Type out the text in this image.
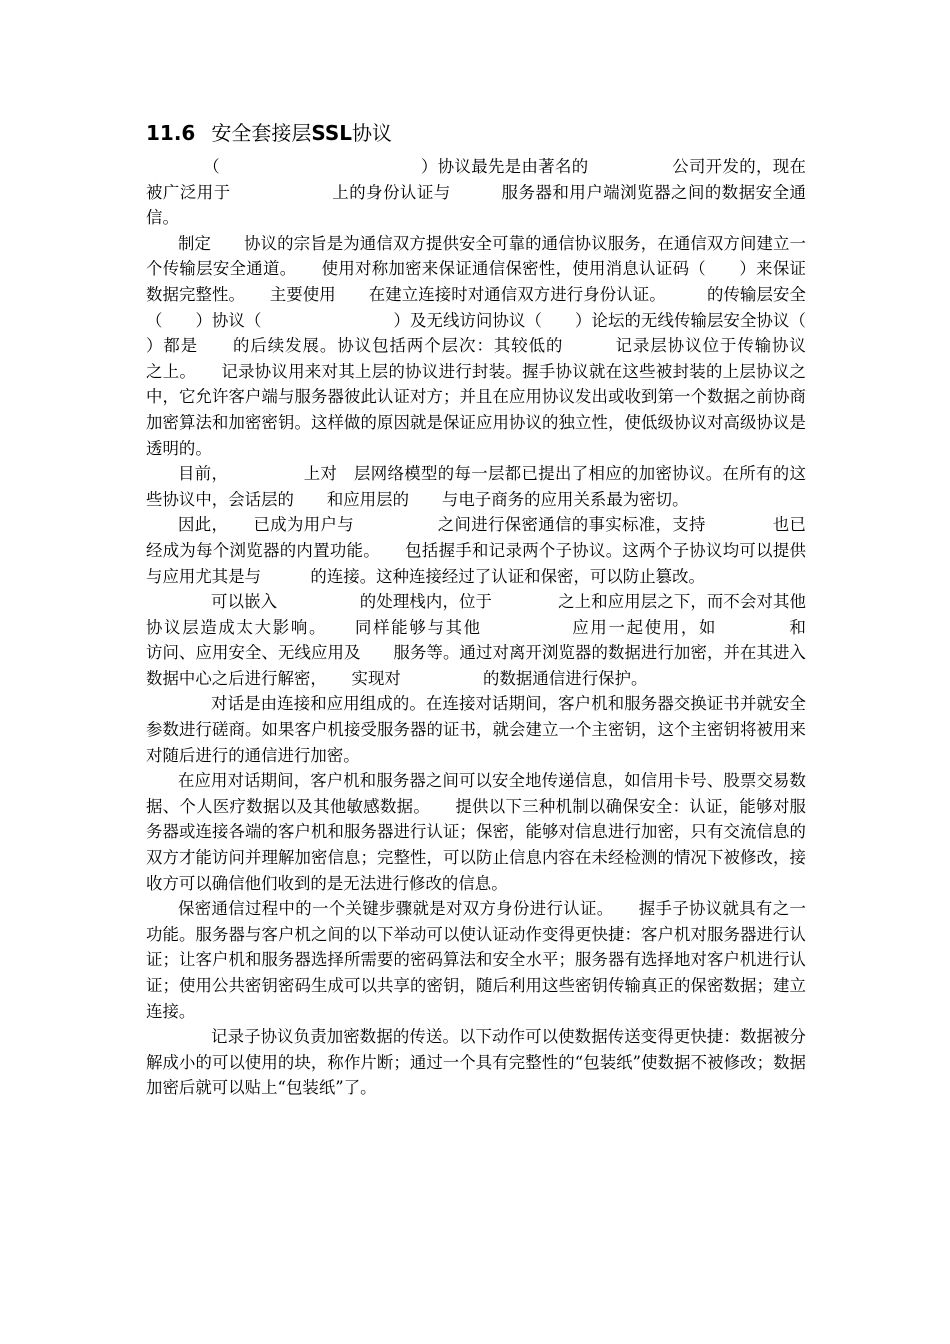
11.6 安全套接层SSL协议

　　（　　　　　　　　　　　　）协议最先是由著名的　　　　　公司开发的，现在被广泛用于　　　　　　上的身份认证与　　　服务器和用户端浏览器之间的数据安全通信。

制定　　协议的宗旨是为通信双方提供安全可靠的通信协议服务，在通信双方间建立一个传输层安全通道。　　使用对称加密来保证通信保密性，使用消息认证码（　　）来保证数据完整性。　　主要使用　　在建立连接时对通信双方进行身份认证。　　　的传输层安全（　　）协议（　　　　　　　　）及无线访问协议（　　）论坛的无线传输层安全协议（　　　）都是　　的后续发展。协议包括两个层次：其较低的　　　记录层协议位于传输协议　　　　之上。　　记录协议用来对其上层的协议进行封装。握手协议就在这些被封装的上层协议之中，它允许客户端与服务器彼此认证对方；并且在应用协议发出或收到第一个数据之前协商加密算法和加密密钥。这样做的原因就是保证应用协议的独立性，使低级协议对高级协议是透明的。

目前，　　　　　上对　层网络模型的每一层都已提出了相应的加密协议。在所有的这些协议中，会话层的　　和应用层的　　与电子商务的应用关系最为密切。

因此，　　已成为用户与　　　　　之间进行保密通信的事实标准，支持　　　　也已经成为每个浏览器的内置功能。　　包括握手和记录两个子协议。这两个子协议均可以提供与应用尤其是与　　　的连接。这种连接经过了认证和保密，可以防止篡改。

　　可以嵌入　　　　　的处理栈内，位于　　　　之上和应用层之下，而不会对其他协议层造成太大影响。　　同样能够与其他　　　　　应用一起使用，如　　　　和　　　　　访问、应用安全、无线应用及　　服务等。通过对离开浏览器的数据进行加密，并在其进入数据中心之后进行解密，　　实现对　　　　　的数据通信进行保护。

　　对话是由连接和应用组成的。在连接对话期间，客户机和服务器交换证书并就安全参数进行磋商。如果客户机接受服务器的证书，就会建立一个主密钥，这个主密钥将被用来对随后进行的通信进行加密。

在应用对话期间，客户机和服务器之间可以安全地传递信息，如信用卡号、股票交易数据、个人医疗数据以及其他敏感数据。　　提供以下三种机制以确保安全：认证，能够对服务器或连接各端的客户机和服务器进行认证；保密，能够对信息进行加密，只有交流信息的双方才能访问并理解加密信息；完整性，可以防止信息内容在未经检测的情况下被修改，接收方可以确信他们收到的是无法进行修改的信息。

保密通信过程中的一个关键步骤就是对双方身份进行认证。　　握手子协议就具有之一功能。服务器与客户机之间的以下举动可以使认证动作变得更快捷：客户机对服务器进行认证；让客户机和服务器选择所需要的密码算法和安全水平；服务器有选择地对客户机进行认证；使用公共密钥密码生成可以共享的密钥，随后利用这些密钥传输真正的保密数据；建立　　　连接。

　　记录子协议负责加密数据的传送。以下动作可以使数据传送变得更快捷：数据被分解成小的可以使用的块，称作片断；通过一个具有完整性的“包装纸”使数据不被修改；数据加密后就可以贴上“包装纸”了。
